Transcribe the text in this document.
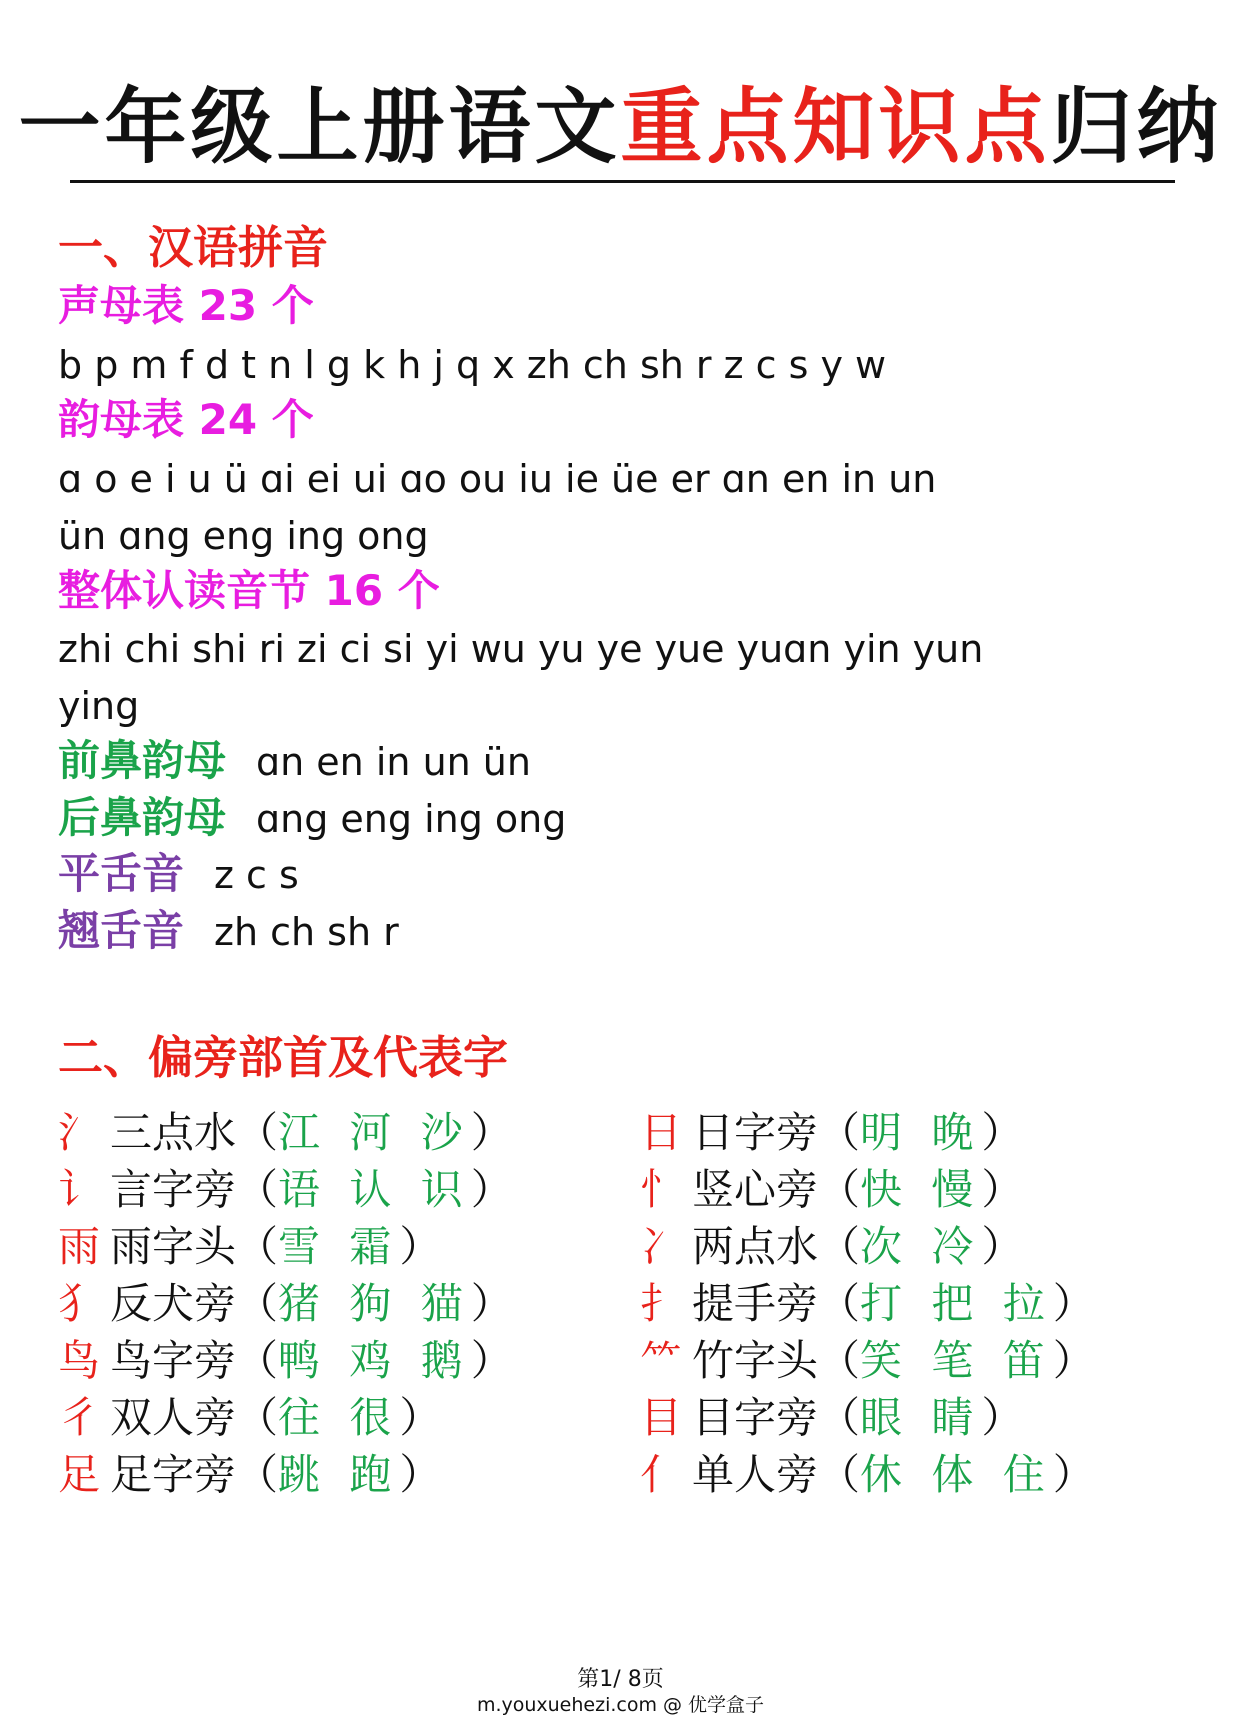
一年级上册语文重点知识点归纳
一、汉语拼音
声母表 23 个
b p m f d t n l g k h j q x zh ch sh r z c s y w
韵母表 24 个
ɑ o e i u ü ɑi ei ui ɑo ou iu ie üe er ɑn en in un
ün ɑng eng ing ong
整体认读音节 16 个
zhi chi shi ri zi ci si yi wu yu ye yue yuɑn yin yun
ying
前鼻韵母 ɑn en in un ün
后鼻韵母 ɑng eng ing ong
平舌音 z c s
翘舌音 zh ch sh r
二、偏旁部首及代表字
氵 三点水（江 河 沙）
讠 言字旁（语 认 识）
雨 雨字头（雪 霜）
犭 反犬旁（猪 狗 猫）
鸟 鸟字旁（鸭 鸡 鹅）
彳 双人旁（往 很）
足 足字旁（跳 跑）
日 日字旁（明 晚）
忄 竖心旁（快 慢）
冫 两点水（次 冷）
扌 提手旁（打 把 拉）
⺮ 竹字头（笑 笔 笛）
目 目字旁（眼 睛）
亻 单人旁（休 体 住）
第1/ 8页
m.youxuehezi.com @ 优学盒子
